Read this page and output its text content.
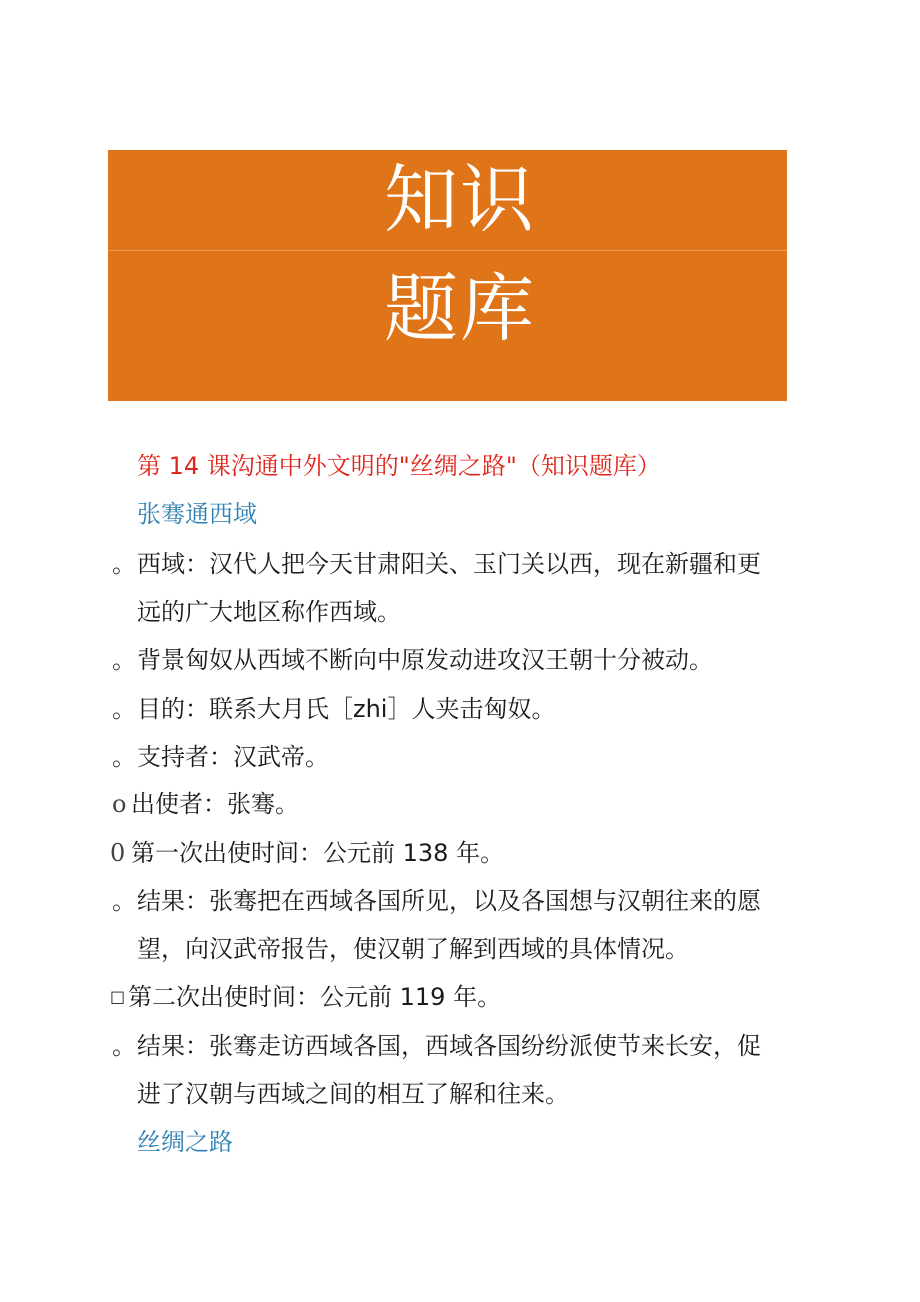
知识
题库
第 14 课沟通中外文明的"丝绸之路"（知识题库）
张骞通西域
。 西域：汉代人把今天甘肃阳关、玉门关以西，现在新疆和更
远的广大地区称作西域。
。 背景匈奴从西域不断向中原发动进攻汉王朝十分被动。
。 目的：联系大月氏［zhi］人夹击匈奴。
。 支持者：汉武帝。
o 出使者：张骞。
0 第一次出使时间：公元前 138 年。
。 结果：张骞把在西域各国所见，以及各国想与汉朝往来的愿
望，向汉武帝报告，使汉朝了解到西域的具体情况。
□ 第二次出使时间：公元前 119 年。
。 结果：张骞走访西域各国，西域各国纷纷派使节来长安，促
进了汉朝与西域之间的相互了解和往来。
丝绸之路
